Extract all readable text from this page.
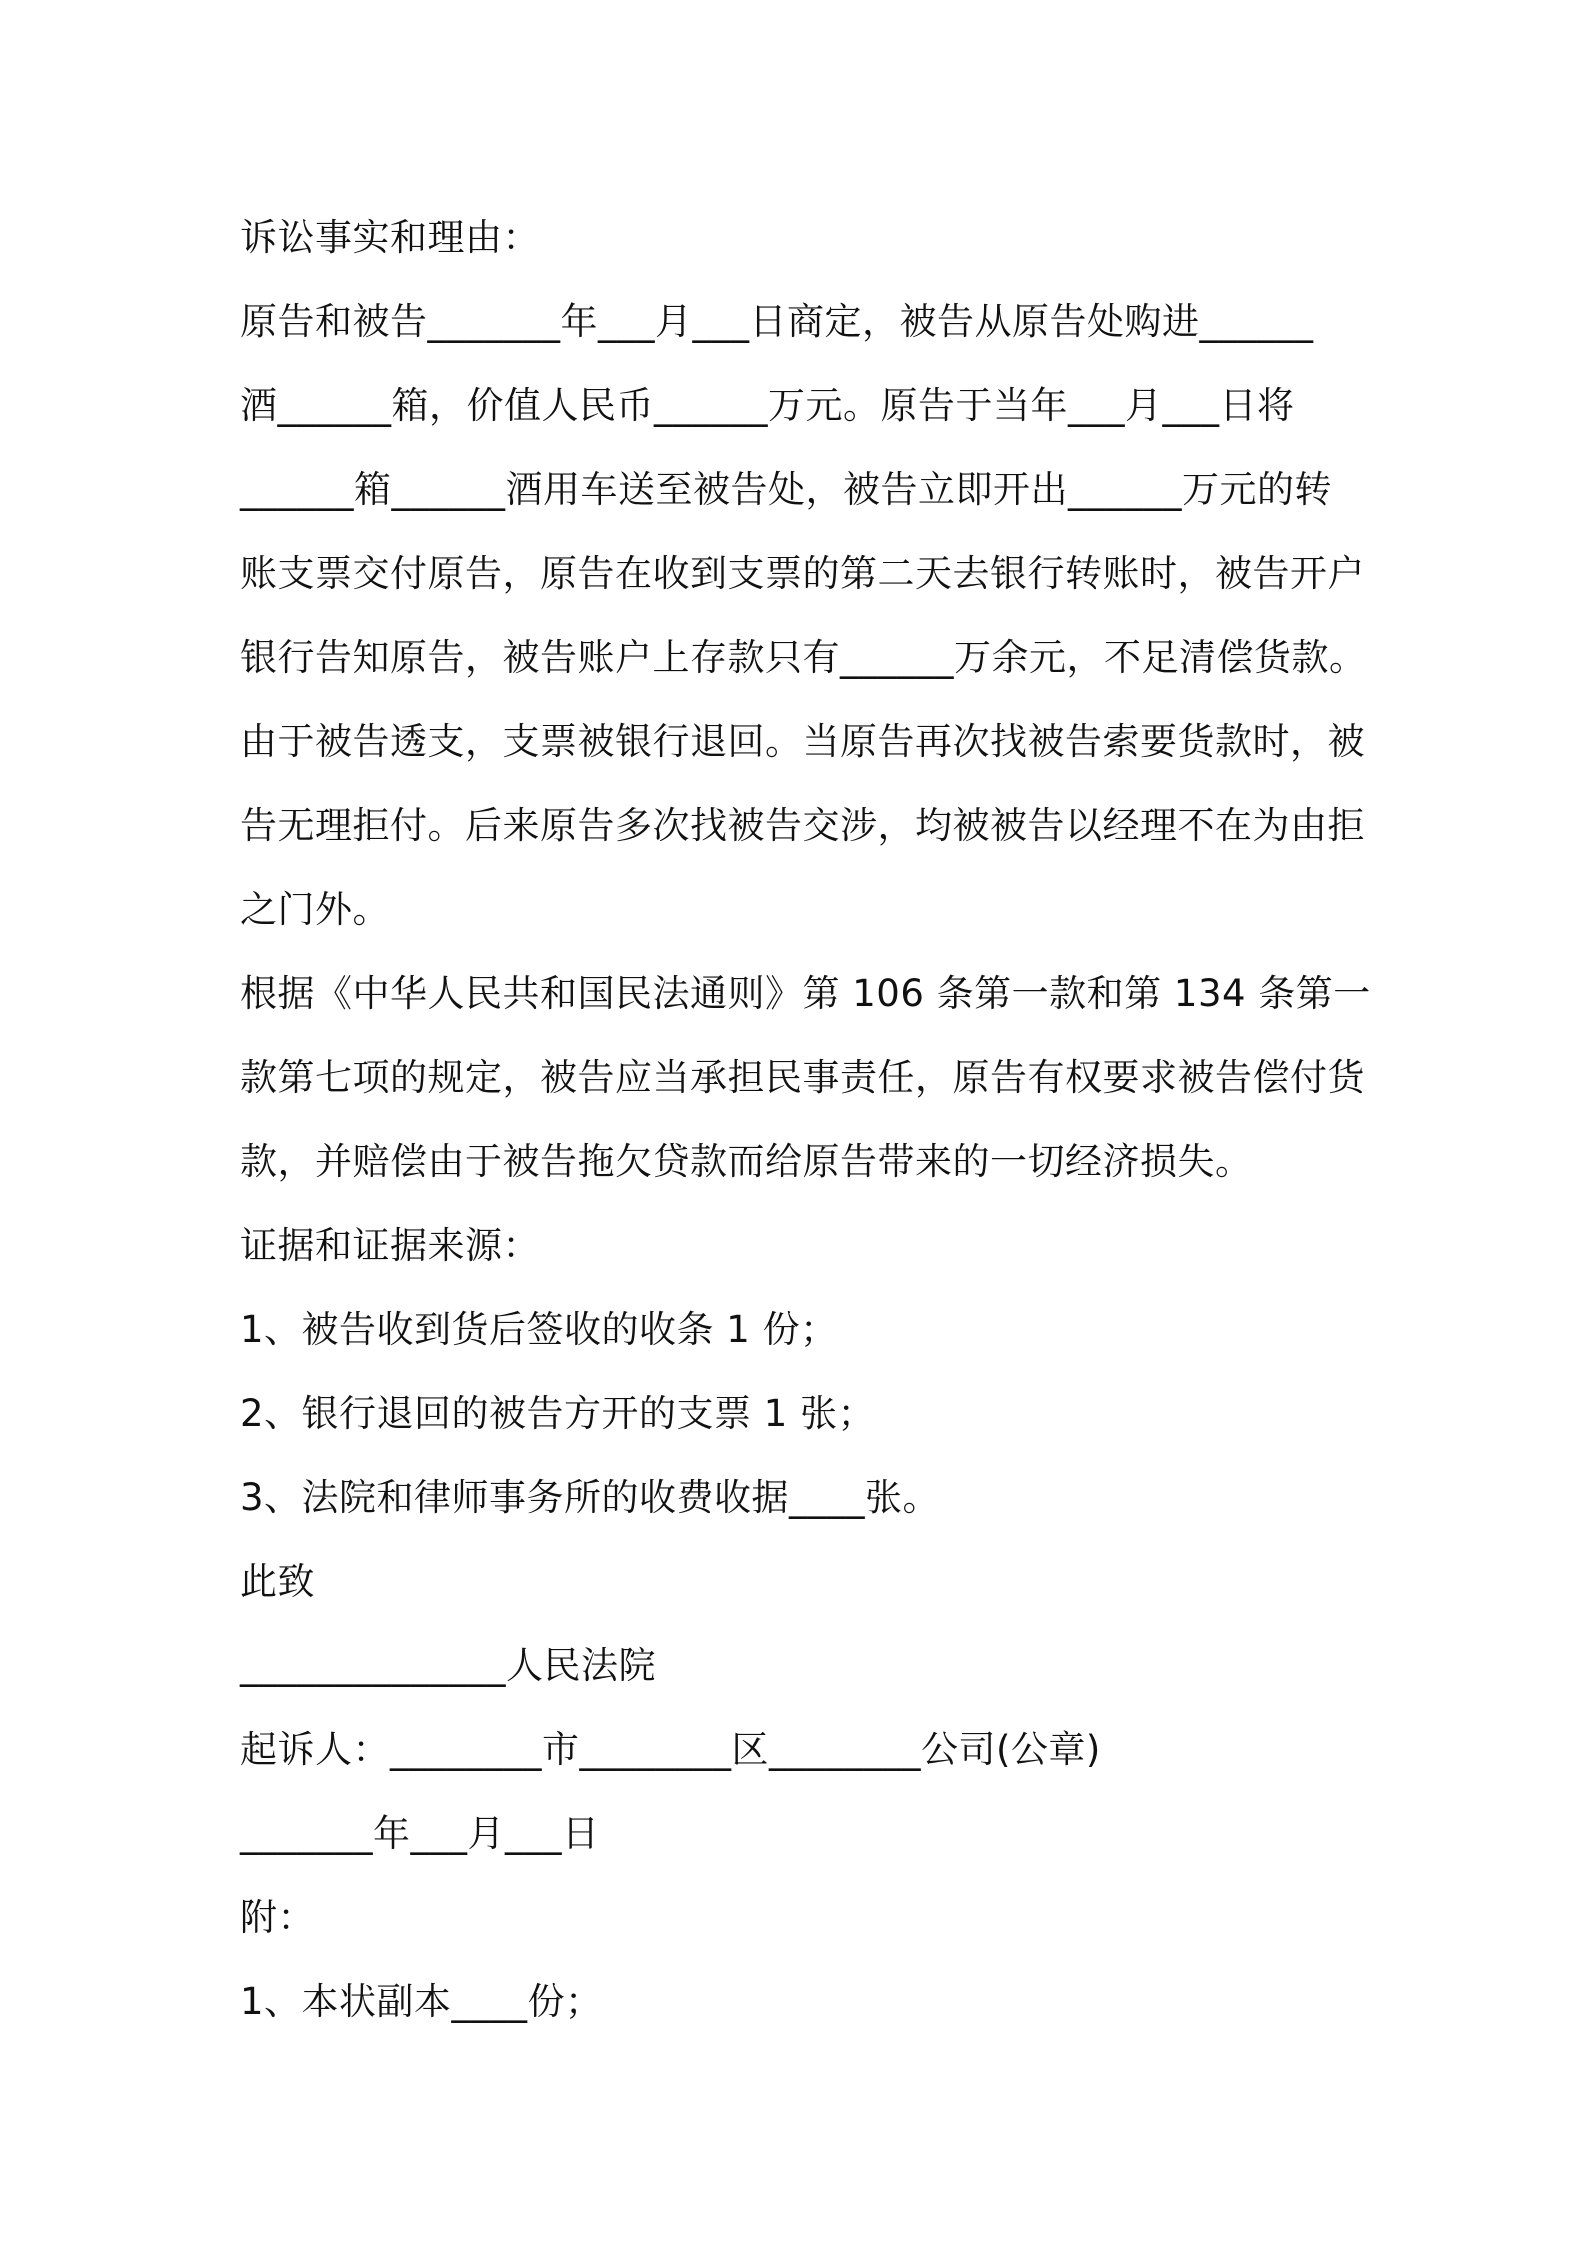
诉讼事实和理由：
原告和被告_______年___月___日商定，被告从原告处购进______
酒______箱，价值人民币______万元。原告于当年___月___日将
______箱______酒用车送至被告处，被告立即开出______万元的转
账支票交付原告，原告在收到支票的第二天去银行转账时，被告开户
银行告知原告，被告账户上存款只有______万余元，不足清偿货款。
由于被告透支，支票被银行退回。当原告再次找被告索要货款时，被
告无理拒付。后来原告多次找被告交涉，均被被告以经理不在为由拒
之门外。
根据《中华人民共和国民法通则》第 106 条第一款和第 134 条第一
款第七项的规定，被告应当承担民事责任，原告有权要求被告偿付货
款，并赔偿由于被告拖欠贷款而给原告带来的一切经济损失。
证据和证据来源：
1、被告收到货后签收的收条 1 份；
2、银行退回的被告方开的支票 1 张；
3、法院和律师事务所的收费收据____张。
此致
______________人民法院
起诉人：________市________区________公司(公章)
_______年___月___日
附：
1、本状副本____份；
